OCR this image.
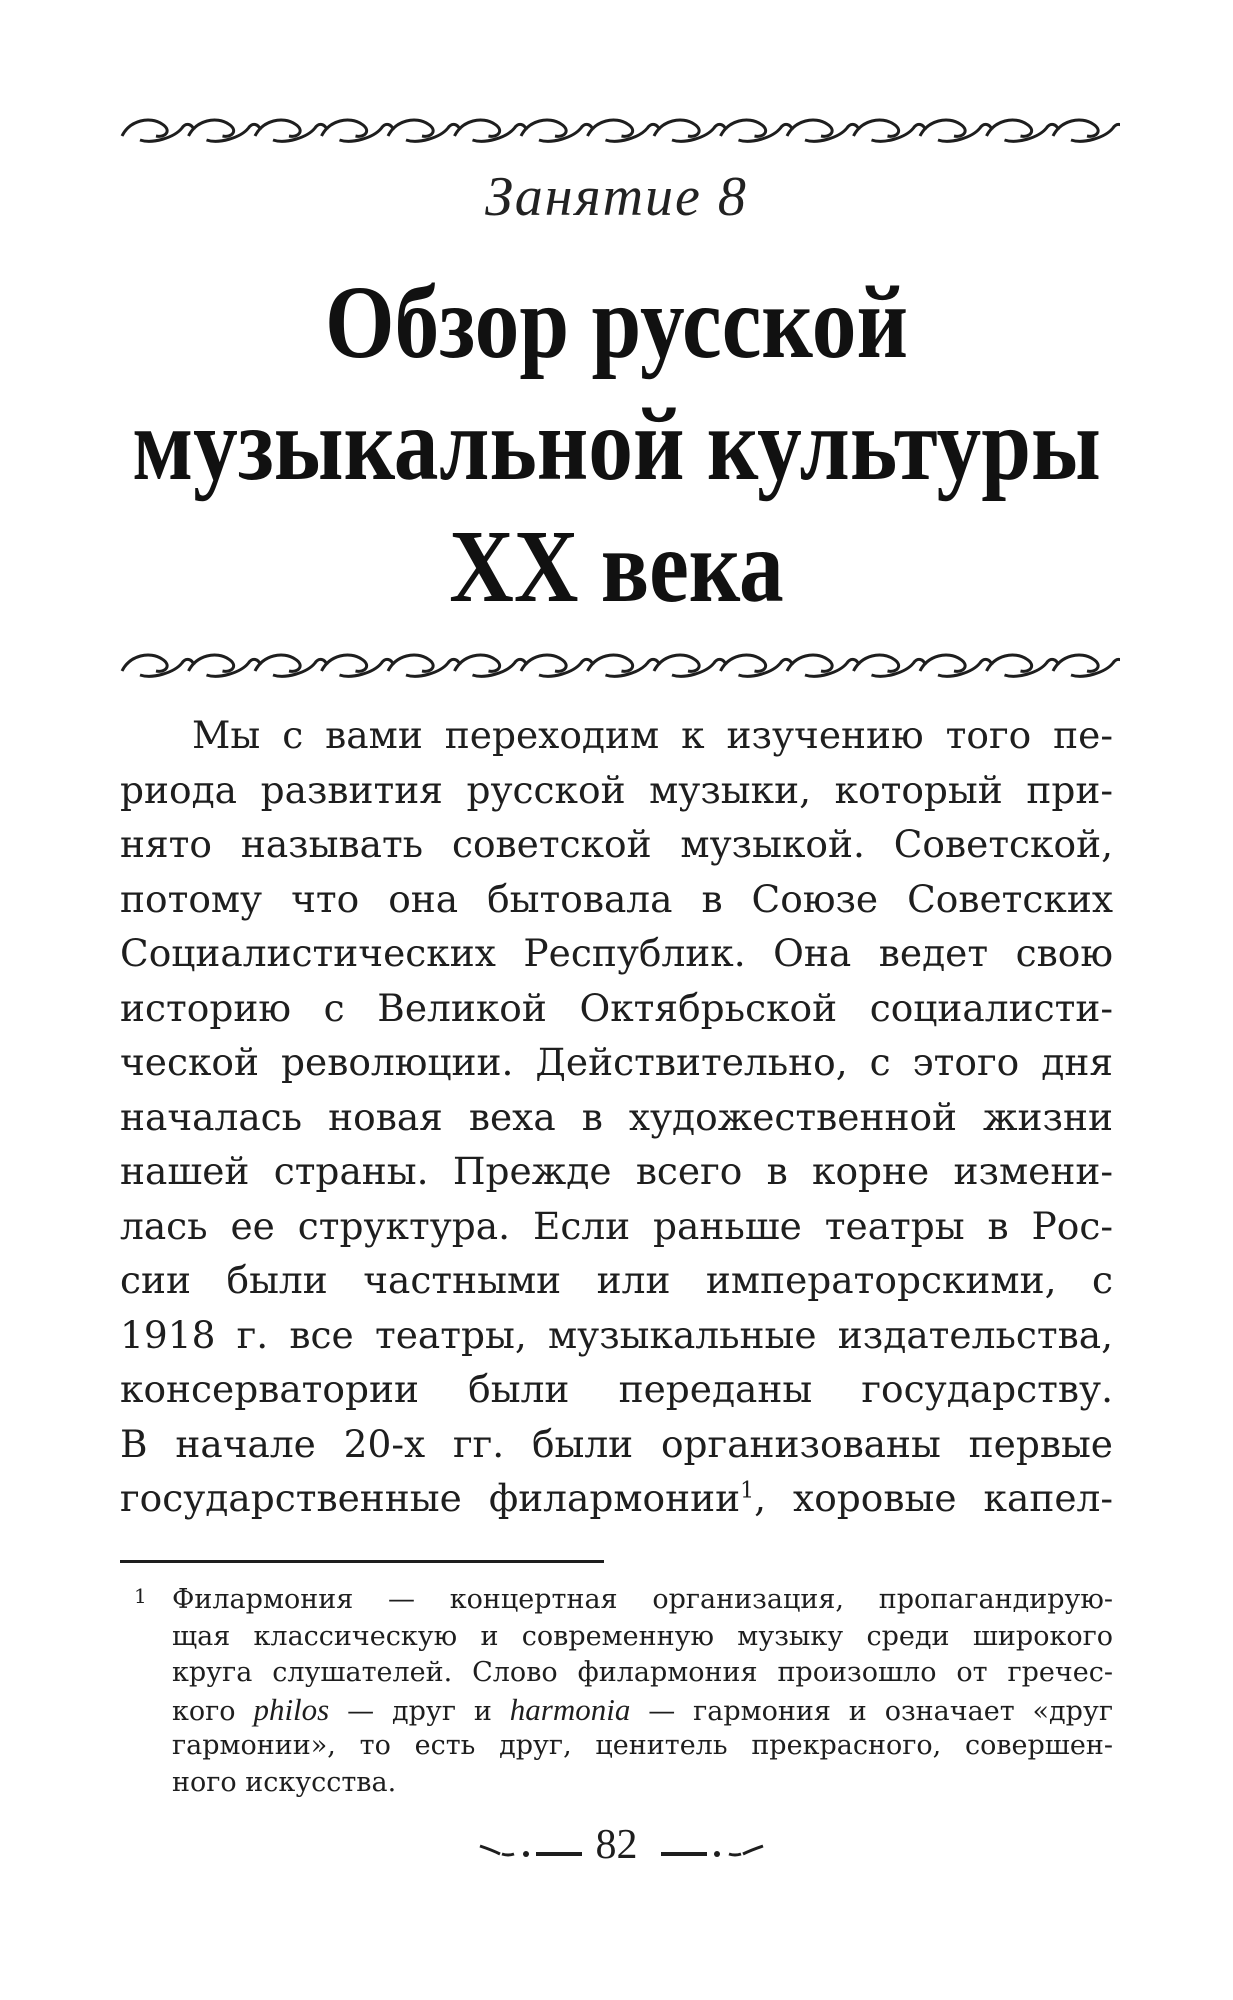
Занятие 8
Обзор русской
музыкальной культуры
XX века
Мы с вами переходим к изучению того пе-
риода развития русской музыки, который при-
нято называть советской музыкой. Советской,
потому что она бытовала в Союзе Советских
Социалистических Республик. Она ведет свою
историю с Великой Октябрьской социалисти-
ческой революции. Действительно, с этого дня
началась новая веха в художественной жизни
нашей страны. Прежде всего в корне измени-
лась ее структура. Если раньше театры в Рос-
сии были частными или императорскими, с
1918 г. все театры, музыкальные издательства,
консерватории были переданы государству.
В начале 20-х гг. были организованы первые
государственные филармонии$^1$, хоровые капел-
1 Филармония — концертная организация, пропагандирую-
щая классическую и современную музыку среди широкого
круга слушателей. Слово филармония произошло от гречес-
кого philos — друг и harmonia — гармония и означает «друг
гармонии», то есть друг, ценитель прекрасного, совершен-
ного искусства.
82
